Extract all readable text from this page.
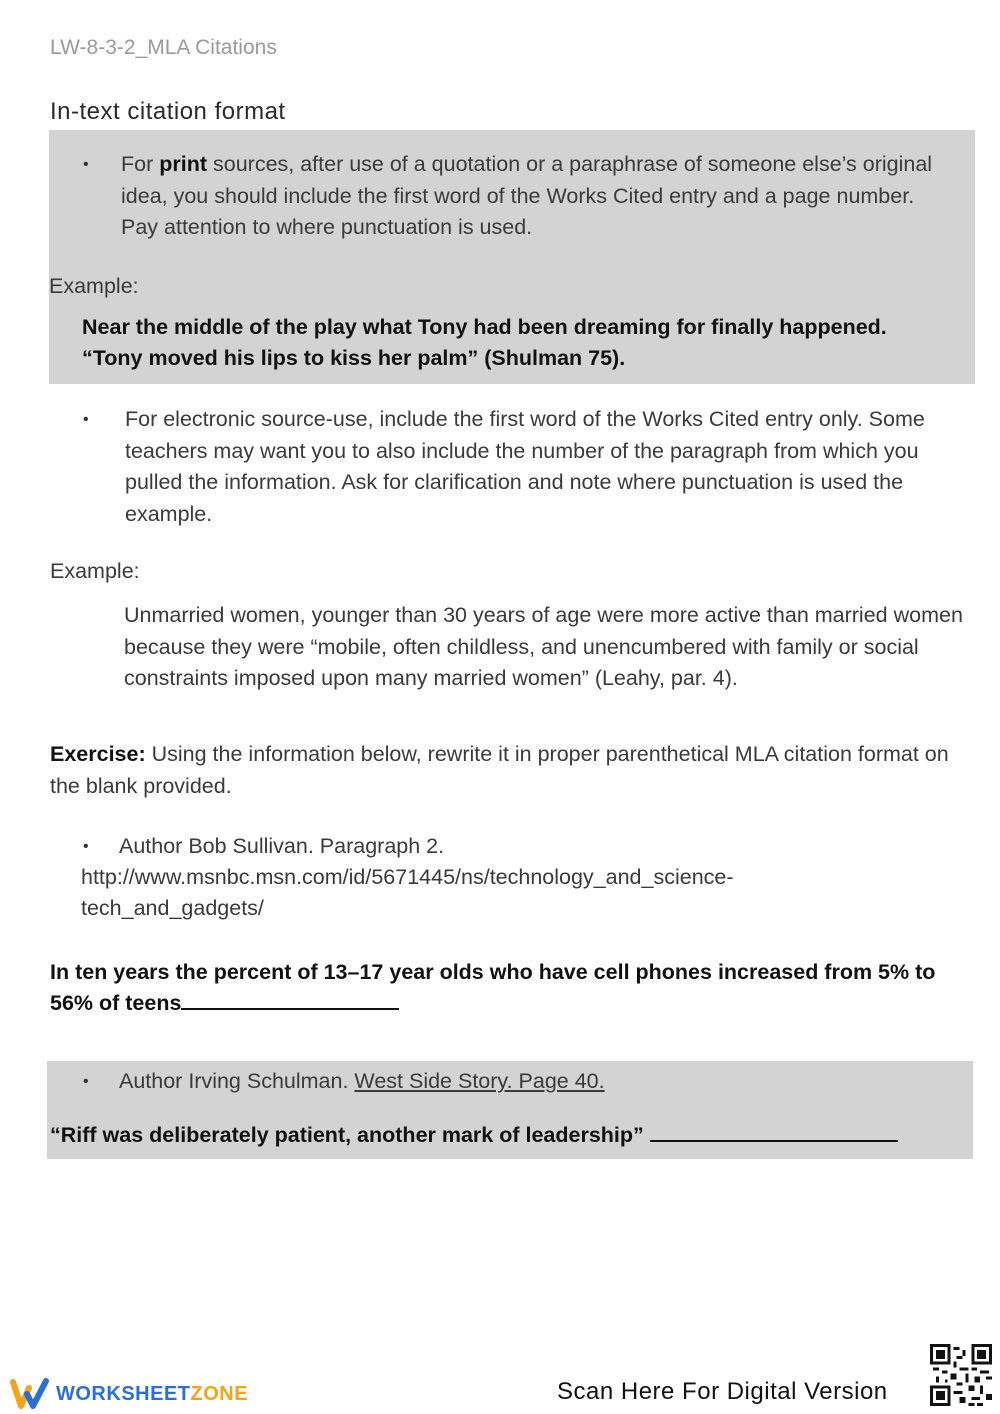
LW-8-3-2_MLA Citations
In-text citation format
• For print sources, after use of a quotation or a paraphrase of someone else’s original idea, you should include the first word of the Works Cited entry and a page number. Pay attention to where punctuation is used.
Example:
Near the middle of the play what Tony had been dreaming for finally happened.
“Tony moved his lips to kiss her palm” (Shulman 75).
• For electronic source-use, include the first word of the Works Cited entry only. Some teachers may want you to also include the number of the paragraph from which you pulled the information. Ask for clarification and note where punctuation is used the example.
Example:
Unmarried women, younger than 30 years of age were more active than married women because they were “mobile, often childless, and unencumbered with family or social constraints imposed upon many married women” (Leahy, par. 4).
Exercise: Using the information below, rewrite it in proper parenthetical MLA citation format on the blank provided.
• Author Bob Sullivan. Paragraph 2.
http://www.msnbc.msn.com/id/5671445/ns/technology_and_science-
tech_and_gadgets/
In ten years the percent of 13–17 year olds who have cell phones increased from 5% to
56% of teens
• Author Irving Schulman. West Side Story. Page 40.
“Riff was deliberately patient, another mark of leadership”
WORKSHEETZONE	Scan Here For Digital Version
